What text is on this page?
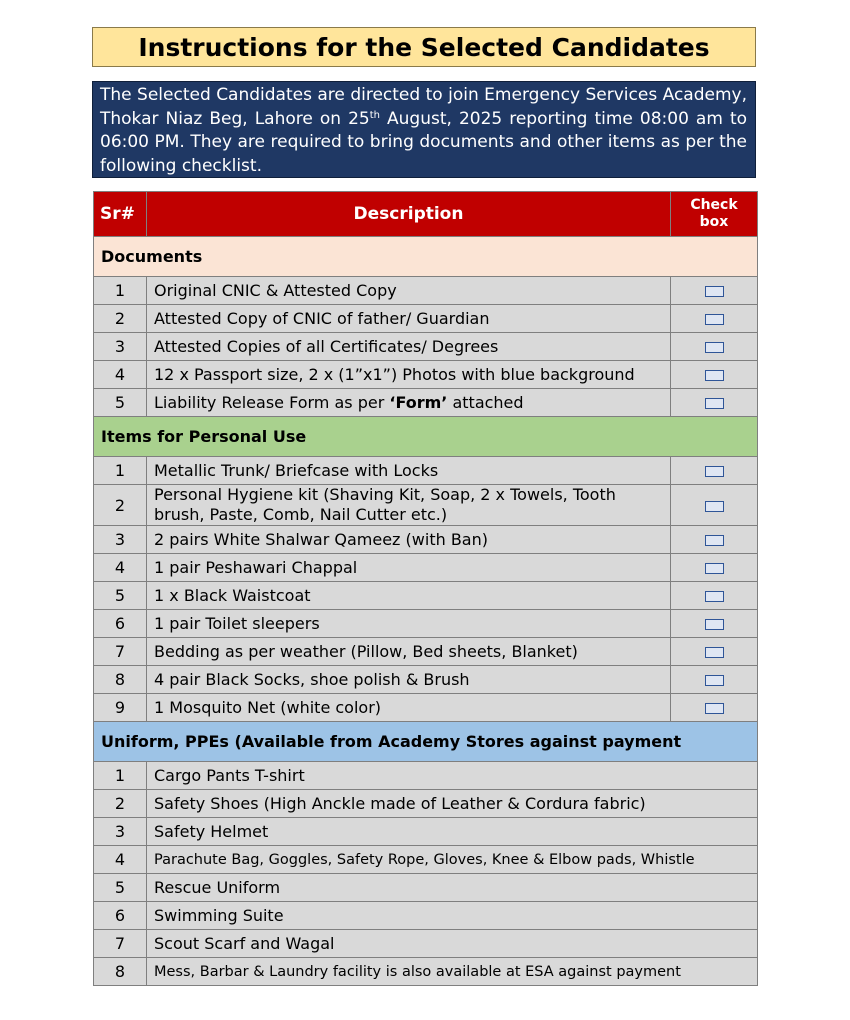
Instructions for the Selected Candidates
The Selected Candidates are directed to join Emergency Services Academy, Thokar Niaz Beg, Lahore on 25th August, 2025 reporting time 08:00 am to 06:00 PM. They are required to bring documents and other items as per the following checklist.
Sr#	Description	Check
box
Documents		
1	Original CNIC & Attested Copy	
2	Attested Copy of CNIC of father/ Guardian	
3	Attested Copies of all Certificates/ Degrees	
4	12 x Passport size, 2 x (1”x1”) Photos with blue background	
5	Liability Release Form as per ‘Form’ attached	
Items for Personal Use		
1	Metallic Trunk/ Briefcase with Locks	
2	Personal Hygiene kit (Shaving Kit, Soap, 2 x Towels, Tooth brush, Paste, Comb, Nail Cutter etc.)	
3	2 pairs White Shalwar Qameez (with Ban)	
4	1 pair Peshawari Chappal	
5	1 x Black Waistcoat	
6	1 pair Toilet sleepers	
7	Bedding as per weather (Pillow, Bed sheets, Blanket)	
8	4 pair Black Socks, shoe polish & Brush	
9	1 Mosquito Net (white color)	
Uniform, PPEs (Available from Academy Stores against payment		
1	Cargo Pants T-shirt	
2	Safety Shoes (High Anckle made of Leather & Cordura fabric)	
3	Safety Helmet	
4	Parachute Bag, Goggles, Safety Rope, Gloves, Knee & Elbow pads, Whistle	
5	Rescue Uniform	
6	Swimming Suite	
7	Scout Scarf and Wagal	
8	Mess, Barbar & Laundry facility is also available at ESA against payment	
